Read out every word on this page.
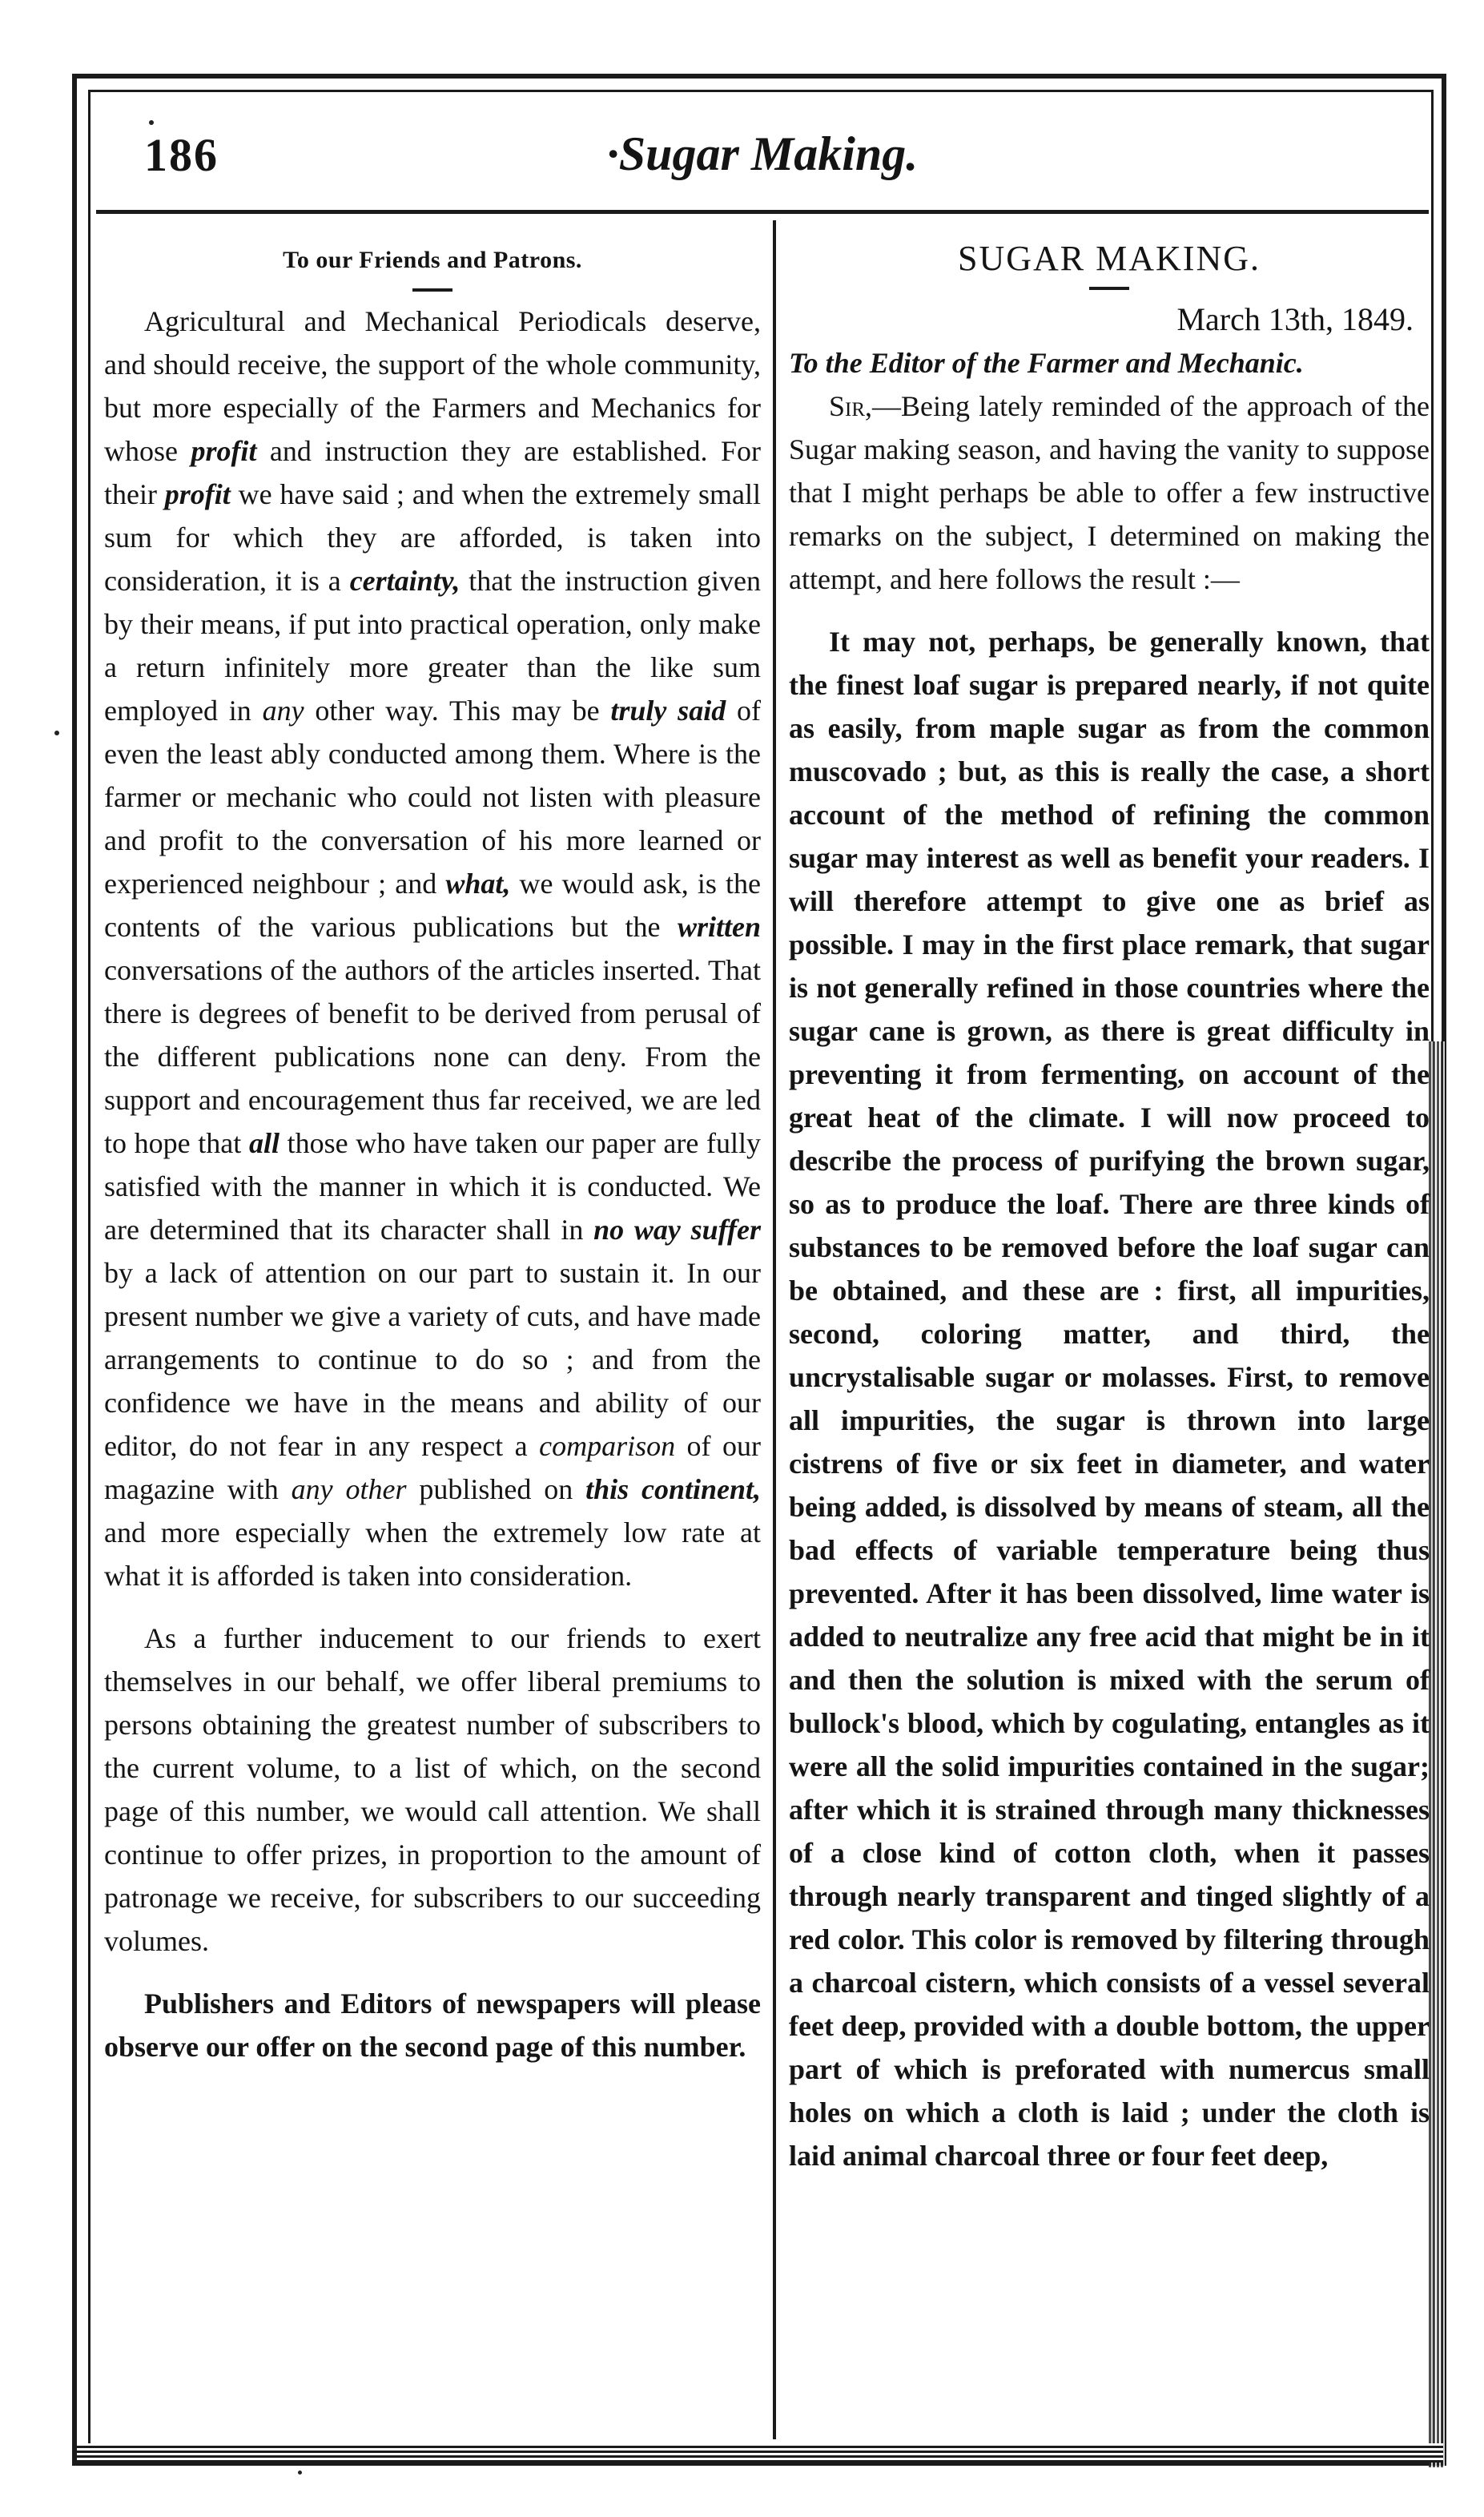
186	·Sugar Making.
To our Friends and Patrons.

Agricultural and Mechanical Periodicals deserve, and should receive, the support of the whole community, but more especially of the Farmers and Mechanics for whose profit and instruction they are established. For their profit we have said ; and when the extremely small sum for which they are afforded, is taken into consideration, it is a certainty, that the instruction given by their means, if put into practical operation, only make a return infinitely more greater than the like sum employed in any other way. This may be truly said of even the least ably conducted among them. Where is the farmer or mechanic who could not listen with pleasure and profit to the conversation of his more learned or experienced neighbour ; and what, we would ask, is the contents of the various publications but the written conversations of the authors of the articles inserted. That there is degrees of benefit to be derived from perusal of the different publications none can deny. From the support and encouragement thus far received, we are led to hope that all those who have taken our paper are fully satisfied with the manner in which it is conducted. We are determined that its character shall in no way suffer by a lack of attention on our part to sustain it. In our present number we give a variety of cuts, and have made arrangements to continue to do so ; and from the confidence we have in the means and ability of our editor, do not fear in any respect a comparison of our magazine with any other published on this continent, and more especially when the extremely low rate at what it is afforded is taken into consideration.

As a further inducement to our friends to exert themselves in our behalf, we offer liberal premiums to persons obtaining the greatest number of subscribers to the current volume, to a list of which, on the second page of this number, we would call attention. We shall continue to offer prizes, in proportion to the amount of patronage we receive, for subscribers to our succeeding volumes.

Publishers and Editors of newspapers will please observe our offer on the second page of this number.

SUGAR MAKING.
March 13th, 1849.
To the Editor of the Farmer and Mechanic.

Sir,—Being lately reminded of the approach of the Sugar making season, and having the vanity to suppose that I might perhaps be able to offer a few instructive remarks on the subject, I determined on making the attempt, and here follows the result :—

It may not, perhaps, be generally known, that the finest loaf sugar is prepared nearly, if not quite as easily, from maple sugar as from the common muscovado ; but, as this is really the case, a short account of the method of refining the common sugar may interest as well as benefit your readers. I will therefore attempt to give one as brief as possible. I may in the first place remark, that sugar is not generally refined in those countries where the sugar cane is grown, as there is great difficulty in preventing it from fermenting, on account of the great heat of the climate. I will now proceed to describe the process of purifying the brown sugar, so as to produce the loaf. There are three kinds of substances to be removed before the loaf sugar can be obtained, and these are : first, all impurities, second, coloring matter, and third, the uncrystalisable sugar or molasses. First, to remove all impurities, the sugar is thrown into large cistrens of five or six feet in diameter, and water being added, is dissolved by means of steam, all the bad effects of variable temperature being thus prevented. After it has been dissolved, lime water is added to neutralize any free acid that might be in it and then the solution is mixed with the serum of bullock's blood, which by cogulating, entangles as it were all the solid impurities contained in the sugar; after which it is strained through many thicknesses of a close kind of cotton cloth, when it passes through nearly transparent and tinged slightly of a red color. This color is removed by filtering through a charcoal cistern, which consists of a vessel several feet deep, provided with a double bottom, the upper part of which is preforated with numercus small holes on which a cloth is laid ; under the cloth is laid animal charcoal three or four feet deep,
